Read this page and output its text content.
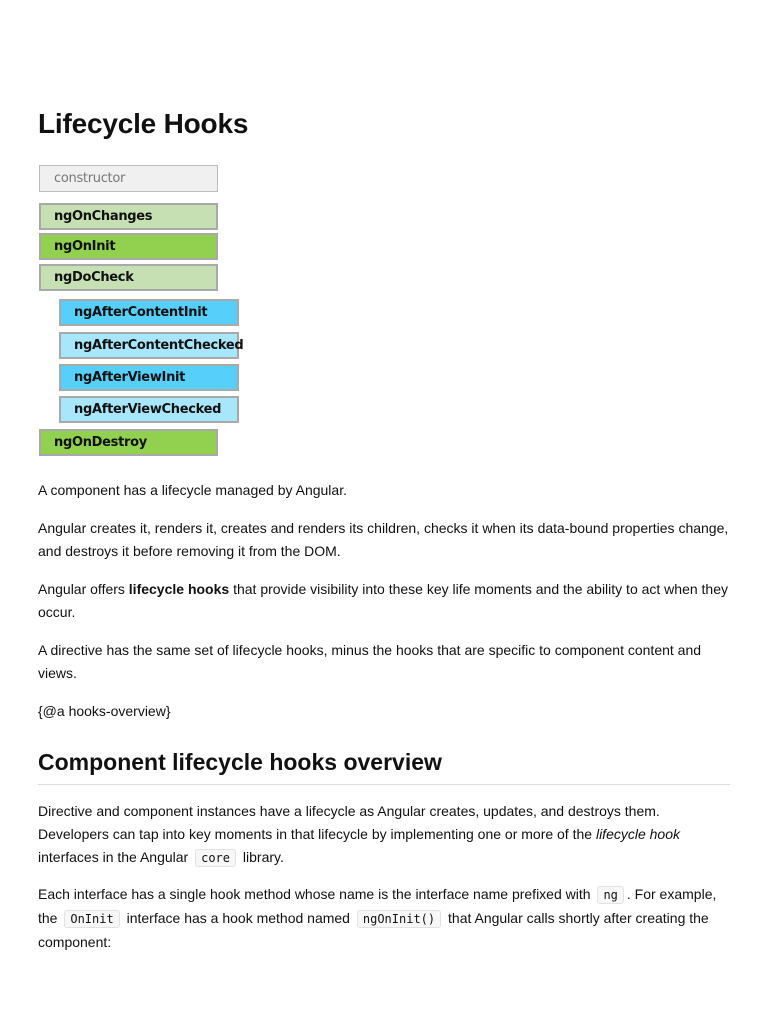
Lifecycle Hooks
constructor
ngOnChanges
ngOnInit
ngDoCheck
ngAfterContentInit
ngAfterContentChecked
ngAfterViewInit
ngAfterViewChecked
ngOnDestroy

A component has a lifecycle managed by Angular.

Angular creates it, renders it, creates and renders its children, checks it when its data-bound properties change, and destroys it before removing it from the DOM.

Angular offers lifecycle hooks that provide visibility into these key life moments and the ability to act when they occur.

A directive has the same set of lifecycle hooks, minus the hooks that are specific to component content and views.

{@a hooks-overview}

Component lifecycle hooks overview

Directive and component instances have a lifecycle as Angular creates, updates, and destroys them. Developers can tap into key moments in that lifecycle by implementing one or more of the lifecycle hook interfaces in the Angular core library.

Each interface has a single hook method whose name is the interface name prefixed with ng . For example, the OnInit interface has a hook method named ngOnInit() that Angular calls shortly after creating the component:
